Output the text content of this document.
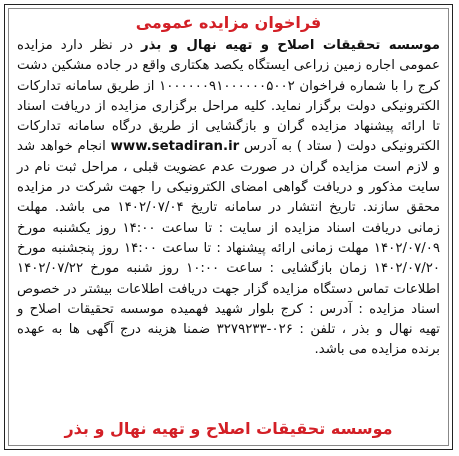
فراخوان مزایده عمومی
موسسه تحقیقات اصلاح و تهیه نهال و بذر در نظر دارد مزایده عمومی اجاره زمین زراعی ایستگاه یکصد هکتاری واقع در جاده مشکین دشت کرج را با شماره فراخوان ۱۰۰۰۰۰۰۹۱۰۰۰۰۰۰۵۰۰۲ از طریق سامانه تدارکات الکترونیکی دولت برگزار نماید. کلیه مراحل برگزاری مزایده از دریافت اسناد تا ارائه پیشنهاد مزایده گران و بازگشایی از طریق درگاه سامانه تدارکات الکترونیکی دولت ( ستاد ) به آدرس www.setadiran.ir انجام خواهد شد و لازم است مزایده گران در صورت عدم عضویت قبلی ، مراحل ثبت نام در سایت مذکور و دریافت گواهی امضای الکترونیکی را جهت شرکت در مزایده محقق سازند. تاریخ انتشار در سامانه تاریخ ۱۴۰۲/۰۷/۰۴ می باشد. مهلت زمانی دریافت اسناد مزایده از سایت : تا ساعت ۱۴:۰۰ روز یکشنبه مورخ ۱۴۰۲/۰۷/۰۹ مهلت زمانی ارائه پیشنهاد : تا ساعت ۱۴:۰۰ روز پنجشنبه مورخ ۱۴۰۲/۰۷/۲۰ زمان بازگشایی : ساعت ۱۰:۰۰ روز شنبه مورخ ۱۴۰۲/۰۷/۲۲ اطلاعات تماس دستگاه مزایده گزار جهت دریافت اطلاعات بیشتر در خصوص اسناد مزایده : آدرس : کرج بلوار شهید فهمیده موسسه تحقیقات اصلاح و تهیه نهال و بذر ، تلفن : ۰۲۶-۳۲۷۹۲۳۳ ضمنا هزینه درج آگهی ها به عهده برنده مزایده می باشد.
موسسه تحقیقات اصلاح و تهیه نهال و بذر
